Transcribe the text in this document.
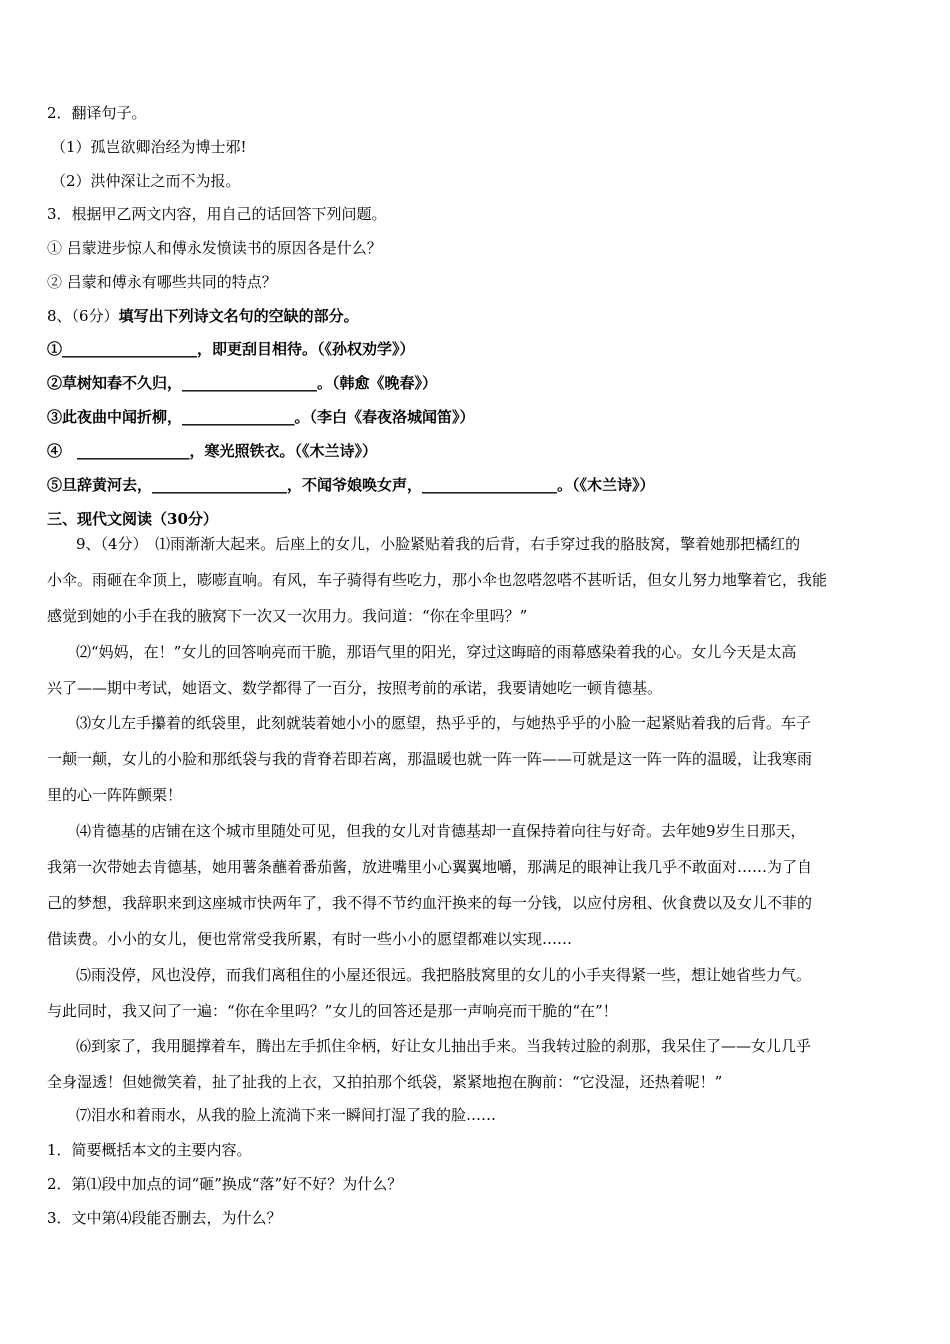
2．翻译句子。
（1）孤岂欲卿治经为博士邪!
（2）洪仲深让之而不为报。
3．根据甲乙两文内容，用自己的话回答下列问题。
① 吕蒙进步惊人和傅永发愤读书的原因各是什么？
② 吕蒙和傅永有哪些共同的特点？
8、（6分）填写出下列诗文名句的空缺的部分。
①__________________，即更刮目相待。（《孙权劝学》）
②草树知春不久归，__________________。（韩愈《晚春》）
③此夜曲中闻折柳，_______________。（李白《春夜洛城闻笛》）
④　_______________，寒光照铁衣。（《木兰诗》）
⑤旦辞黄河去，__________________，不闻爷娘唤女声，__________________。（《木兰诗》）
三、现代文阅读（30分）
9、（4分）　⑴雨渐渐大起来。后座上的女儿，小脸紧贴着我的后背，右手穿过我的胳肢窝，擎着她那把橘红的
小伞。雨砸在伞顶上，嘭嘭直响。有风，车子骑得有些吃力，那小伞也忽嗒忽嗒不甚听话，但女儿努力地擎着它，我能
感觉到她的小手在我的腋窝下一次又一次用力。我问道：“你在伞里吗？”
⑵“妈妈，在！”女儿的回答响亮而干脆，那语气里的阳光，穿过这晦暗的雨幕感染着我的心。女儿今天是太高
兴了——期中考试，她语文、数学都得了一百分，按照考前的承诺，我要请她吃一顿肯德基。
⑶女儿左手攥着的纸袋里，此刻就装着她小小的愿望，热乎乎的，与她热乎乎的小脸一起紧贴着我的后背。车子
一颠一颠，女儿的小脸和那纸袋与我的背脊若即若离，那温暖也就一阵一阵——可就是这一阵一阵的温暖，让我寒雨
里的心一阵阵颤栗！
⑷肯德基的店铺在这个城市里随处可见，但我的女儿对肯德基却一直保持着向往与好奇。去年她9岁生日那天，
我第一次带她去肯德基，她用薯条蘸着番茄酱，放进嘴里小心翼翼地嚼，那满足的眼神让我几乎不敢面对……为了自
己的梦想，我辞职来到这座城市快两年了，我不得不节约血汗换来的每一分钱，以应付房租、伙食费以及女儿不菲的
借读费。小小的女儿，便也常常受我所累，有时一些小小的愿望都难以实现……
⑸雨没停，风也没停，而我们离租住的小屋还很远。我把胳肢窝里的女儿的小手夹得紧一些，想让她省些力气。
与此同时，我又问了一遍：“你在伞里吗？”女儿的回答还是那一声响亮而干脆的“在”！
⑹到家了，我用腿撑着车，腾出左手抓住伞柄，好让女儿抽出手来。当我转过脸的刹那，我呆住了——女儿几乎
全身湿透！但她微笑着，扯了扯我的上衣，又拍拍那个纸袋，紧紧地抱在胸前：“它没湿，还热着呢！”
⑺泪水和着雨水，从我的脸上流淌下来一瞬间打湿了我的脸……
1．简要概括本文的主要内容。
2．第⑴段中加点的词“砸”换成“落”好不好？为什么？
3．文中第⑷段能否删去，为什么？
